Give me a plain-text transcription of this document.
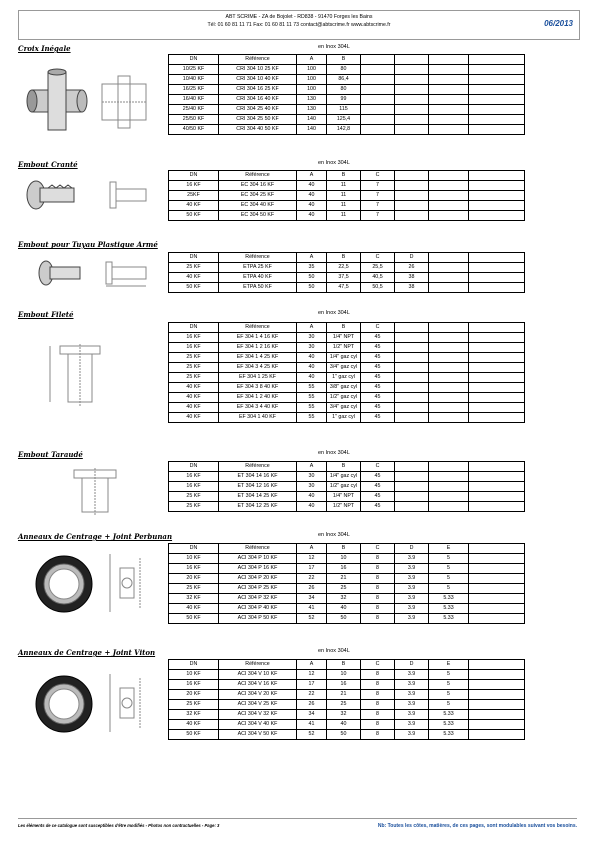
ABT SCRIME - ZA de Bojolet - RD838 - 91470 Forges les Bains
Tél: 01 60 81 11 71 Fax: 01 60 81 11 73 contact@abtscrime.fr www.abtscrime.fr	06/2013
Croix Inégale	en Inox 304L
DN	Référence	A	B				
10/25 KF	CRI 304 10 25 KF	100	80				
10/40 KF	CRI 304 10 40 KF	100	86,4				
16/25 KF	CRI 304 16 25 KF	100	80				
16/40 KF	CRI 304 16 40 KF	130	99				
25/40 KF	CRI 304 25 40 KF	130	115				
25/50 KF	CRI 304 25 50 KF	140	125,4				
40/50 KF	CRI 304 40 50 KF	140	142,8				
Embout Cranté	en Inox 304L
DN	Référence	A	B	C			
16 KF	EC 304 16 KF	40	11	7			
25KF	EC 304 25 KF	40	11	7			
40 KF	EC 304 40 KF	40	11	7			
50 KF	EC 304 50 KF	40	11	7			
Embout pour Tuyau Plastique Armé
DN	Référence	A	B	C	D		
25 KF	ETPA 25 KF	35	22,5	25,5	26		
40 KF	ETPA 40 KF	50	37,5	40,5	38		
50 KF	ETPA 50 KF	50	47,5	50,5	38		
Embout Fileté	en Inox 304L
DN	Référence	A	B	C			
16 KF	EF 304 1 4 16 KF	30	1/4" NPT	45			
16 KF	EF 304 1 2 16 KF	30	1/2" NPT	45			
25 KF	EF 304 1 4 25 KF	40	1/4" gaz cyl	45			
25 KF	EF 304 3 4 25 KF	40	3/4" gaz cyl	45			
25 KF	EF 304 1 25 KF	40	1" gaz cyl	45			
40 KF	EF 304 3 8 40 KF	55	3/8" gaz cyl	45			
40 KF	EF 304 1 2 40 KF	55	1/2" gaz cyl	45			
40 KF	EF 304 3 4 40 KF	55	3/4" gaz cyl	45			
40 KF	EF 304 1 40 KF	55	1" gaz cyl	45			
Embout Taraudé	en Inox 304L
DN	Référence	A	B	C			
16 KF	ET 304 14 16 KF	30	1/4" gaz cyl	45			
16 KF	ET 304 12 16 KF	30	1/2" gaz cyl	45			
25 KF	ET 304 14 25 KF	40	1/4" NPT	45			
25 KF	ET 304 12 25 KF	40	1/2" NPT	45			
Anneaux de Centrage + Joint Perbunan	en Inox 304L
DN	Référence	A	B	C	D	E	
10 KF	ACI 304 P 10 KF	12	10	8	3.9	5	
16 KF	ACI 304 P 16 KF	17	16	8	3.9	5	
20 KF	ACI 304 P 20 KF	22	21	8	3.9	5	
25 KF	ACI 304 P 25 KF	26	25	8	3.9	5	
32 KF	ACI 304 P 32 KF	34	32	8	3.9	5.33	
40 KF	ACI 304 P 40 KF	41	40	8	3.9	5.33	
50 KF	ACI 304 P 50 KF	52	50	8	3.9	5.33	
Anneaux de Centrage + Joint Viton	en Inox 304L
DN	Référence	A	B	C	D	E	
10 KF	ACI 304 V 10 KF	12	10	8	3.9	5	
16 KF	ACI 304 V 16 KF	17	16	8	3.9	5	
20 KF	ACI 304 V 20 KF	22	21	8	3.9	5	
25 KF	ACI 304 V 25 KF	26	25	8	3.9	5	
32 KF	ACI 304 V 32 KF	34	32	8	3.9	5.33	
40 KF	ACI 304 V 40 KF	41	40	8	3.9	5.33	
50 KF	ACI 304 V 50 KF	52	50	8	3.9	5.33	
Les éléments de ce catalogue sont susceptibles d'être modifiés - Photos non contractuelles - Page: 3	Nb: Toutes les côtes, matières, de ces pages, sont modulables suivant vos besoins.
